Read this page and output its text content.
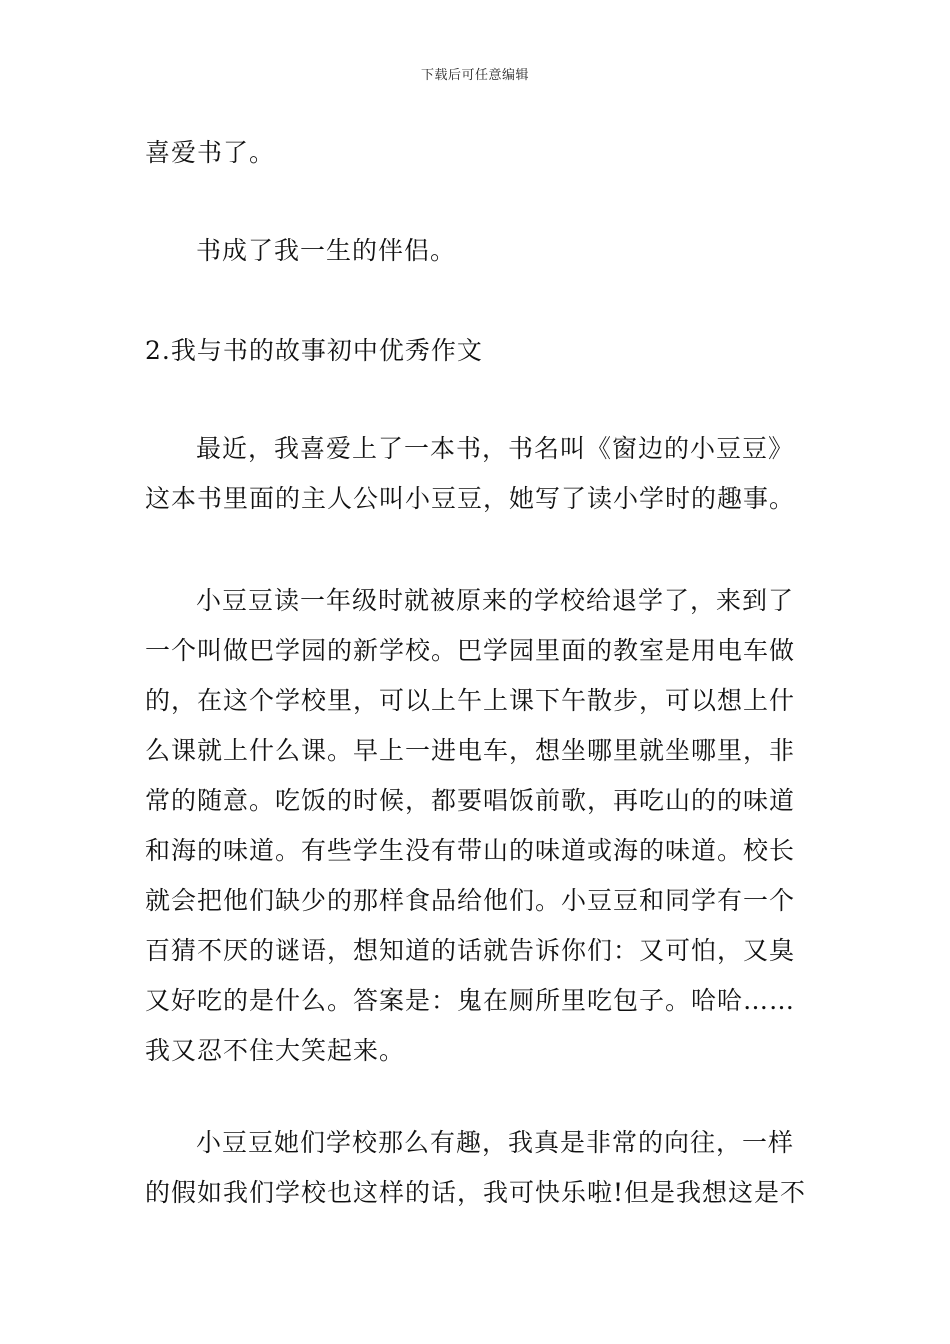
下载后可任意编辑

喜爱书了。

书成了我一生的伴侣。

2.我与书的故事初中优秀作文

最近，我喜爱上了一本书，书名叫《窗边的小豆豆》
这本书里面的主人公叫小豆豆，她写了读小学时的趣事。

小豆豆读一年级时就被原来的学校给退学了，来到了
一个叫做巴学园的新学校。巴学园里面的教室是用电车做
的，在这个学校里，可以上午上课下午散步，可以想上什
么课就上什么课。早上一进电车，想坐哪里就坐哪里，非
常的随意。吃饭的时候，都要唱饭前歌，再吃山的的味道
和海的味道。有些学生没有带山的味道或海的味道。校长
就会把他们缺少的那样食品给他们。小豆豆和同学有一个
百猜不厌的谜语，想知道的话就告诉你们：又可怕，又臭
又好吃的是什么。答案是：鬼在厕所里吃包子。哈哈……
我又忍不住大笑起来。

小豆豆她们学校那么有趣，我真是非常的向往，一样
的假如我们学校也这样的话，我可快乐啦!但是我想这是不
